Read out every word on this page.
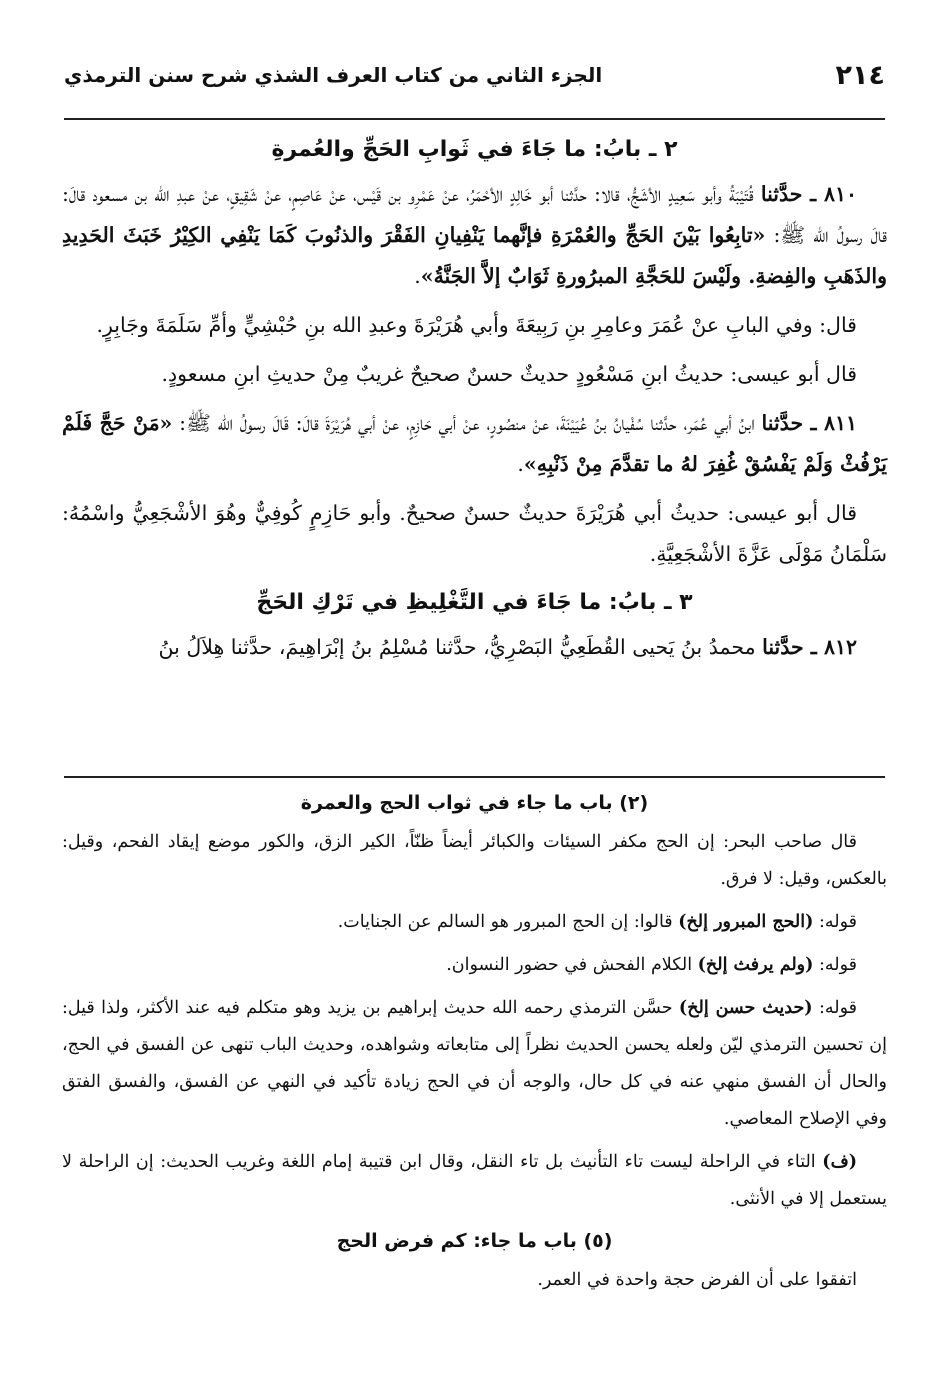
٢١٤
الجزء الثاني من كتاب العرف الشذي شرح سنن الترمذي
٢ ـ بابُ: ما جَاءَ في ثَوابِ الحَجِّ والعُمرةِ

٨١٠ ـ حدَّثنا قُتَيْبَةُ وأبو سَعِيدٍ الأشَجُّ، قالا: حدَّثنا أبو خَالِدٍ الأحْمَرُ، عنْ عَمْرِو بن قَيْس، عنْ عَاصِمٍ، عنْ شَقِيقٍ، عنْ عبدِ الله بن مسعود قالَ: قالَ رسولُ الله ﷺ: «تابِعُوا بَيْنَ الحَجِّ والعُمْرَةِ فإنَّهما يَنْفِيانِ الفَقْرَ والذنُوبَ كَمَا يَنْفِي الكِيْرُ خَبَثَ الحَدِيدِ والذَهَبِ والفِضةِ. ولَيْسَ للحَجَّةِ المبرُورةِ ثَوَابٌ إلاَّ الجَنَّةُ».

قال: وفي البابِ عنْ عُمَرَ وعامِرِ بنِ رَبِيعَةَ وأبي هُرَيْرَةَ وعبدِ الله بنِ حُبْشِيٍّ وأمِّ سَلَمَةَ وجَابِرٍ.

قال أبو عيسى: حديثُ ابنِ مَسْعُودٍ حديثٌ حسنٌ صحيحٌ غريبٌ مِنْ حديثِ ابنِ مسعودٍ.

٨١١ ـ حدَّثنا ابنُ أبي عُمَر، حدَّثنا سُفْيانُ بنُ عُيَيْنَةَ، عنْ منصُورٍ، عنْ أبي حَازِمٍ، عنْ أبي هُرَيْرَةَ قالَ: قَالَ رسولُ الله ﷺ: «مَنْ حَجَّ فَلَمْ يَرْفُثْ وَلَمْ يَفْسُقْ غُفِرَ لهُ ما تقدَّمَ مِنْ ذَنْبِهِ».

قال أبو عيسى: حديثُ أبي هُرَيْرَةَ حديثٌ حسنٌ صحيحٌ. وأبو حَازِمٍ كُوفِيٌّ وهُوَ الأشْجَعِيُّ واسْمُهُ: سَلْمَانُ مَوْلَى عَزَّةَ الأشْجَعِيَّةِ.

٣ ـ بابُ: ما جَاءَ في التَّغْلِيظِ في تَرْكِ الحَجِّ

٨١٢ ـ حدَّثنا محمدُ بنُ يَحيى القُطَعِيُّ البَصْرِيُّ، حدَّثنا مُسْلِمُ بنُ إبْرَاهِيمَ، حدَّثنا هِلاَلُ بنُ

(٢) باب ما جاء في ثواب الحج والعمرة

قال صاحب البحر: إن الحج مكفر السيئات والكبائر أيضاً ظنّاً، الكير الزق، والكور موضع إيقاد الفحم، وقيل: بالعكس، وقيل: لا فرق.

قوله: (الحج المبرور إلخ) قالوا: إن الحج المبرور هو السالم عن الجنايات.

قوله: (ولم يرفث إلخ) الكلام الفحش في حضور النسوان.

قوله: (حديث حسن إلخ) حسَّن الترمذي رحمه الله حديث إبراهيم بن يزيد وهو متكلم فيه عند الأكثر، ولذا قيل: إن تحسين الترمذي ليّن ولعله يحسن الحديث نظراً إلى متابعاته وشواهده، وحديث الباب تنهى عن الفسق في الحج، والحال أن الفسق منهي عنه في كل حال، والوجه أن في الحج زيادة تأكيد في النهي عن الفسق، والفسق الفتق وفي الإصلاح المعاصي.

(ف) التاء في الراحلة ليست تاء التأنيث بل تاء النقل، وقال ابن قتيبة إمام اللغة وغريب الحديث: إن الراحلة لا يستعمل إلا في الأنثى.

(٥) باب ما جاء: كم فرض الحج

اتفقوا على أن الفرض حجة واحدة في العمر.
